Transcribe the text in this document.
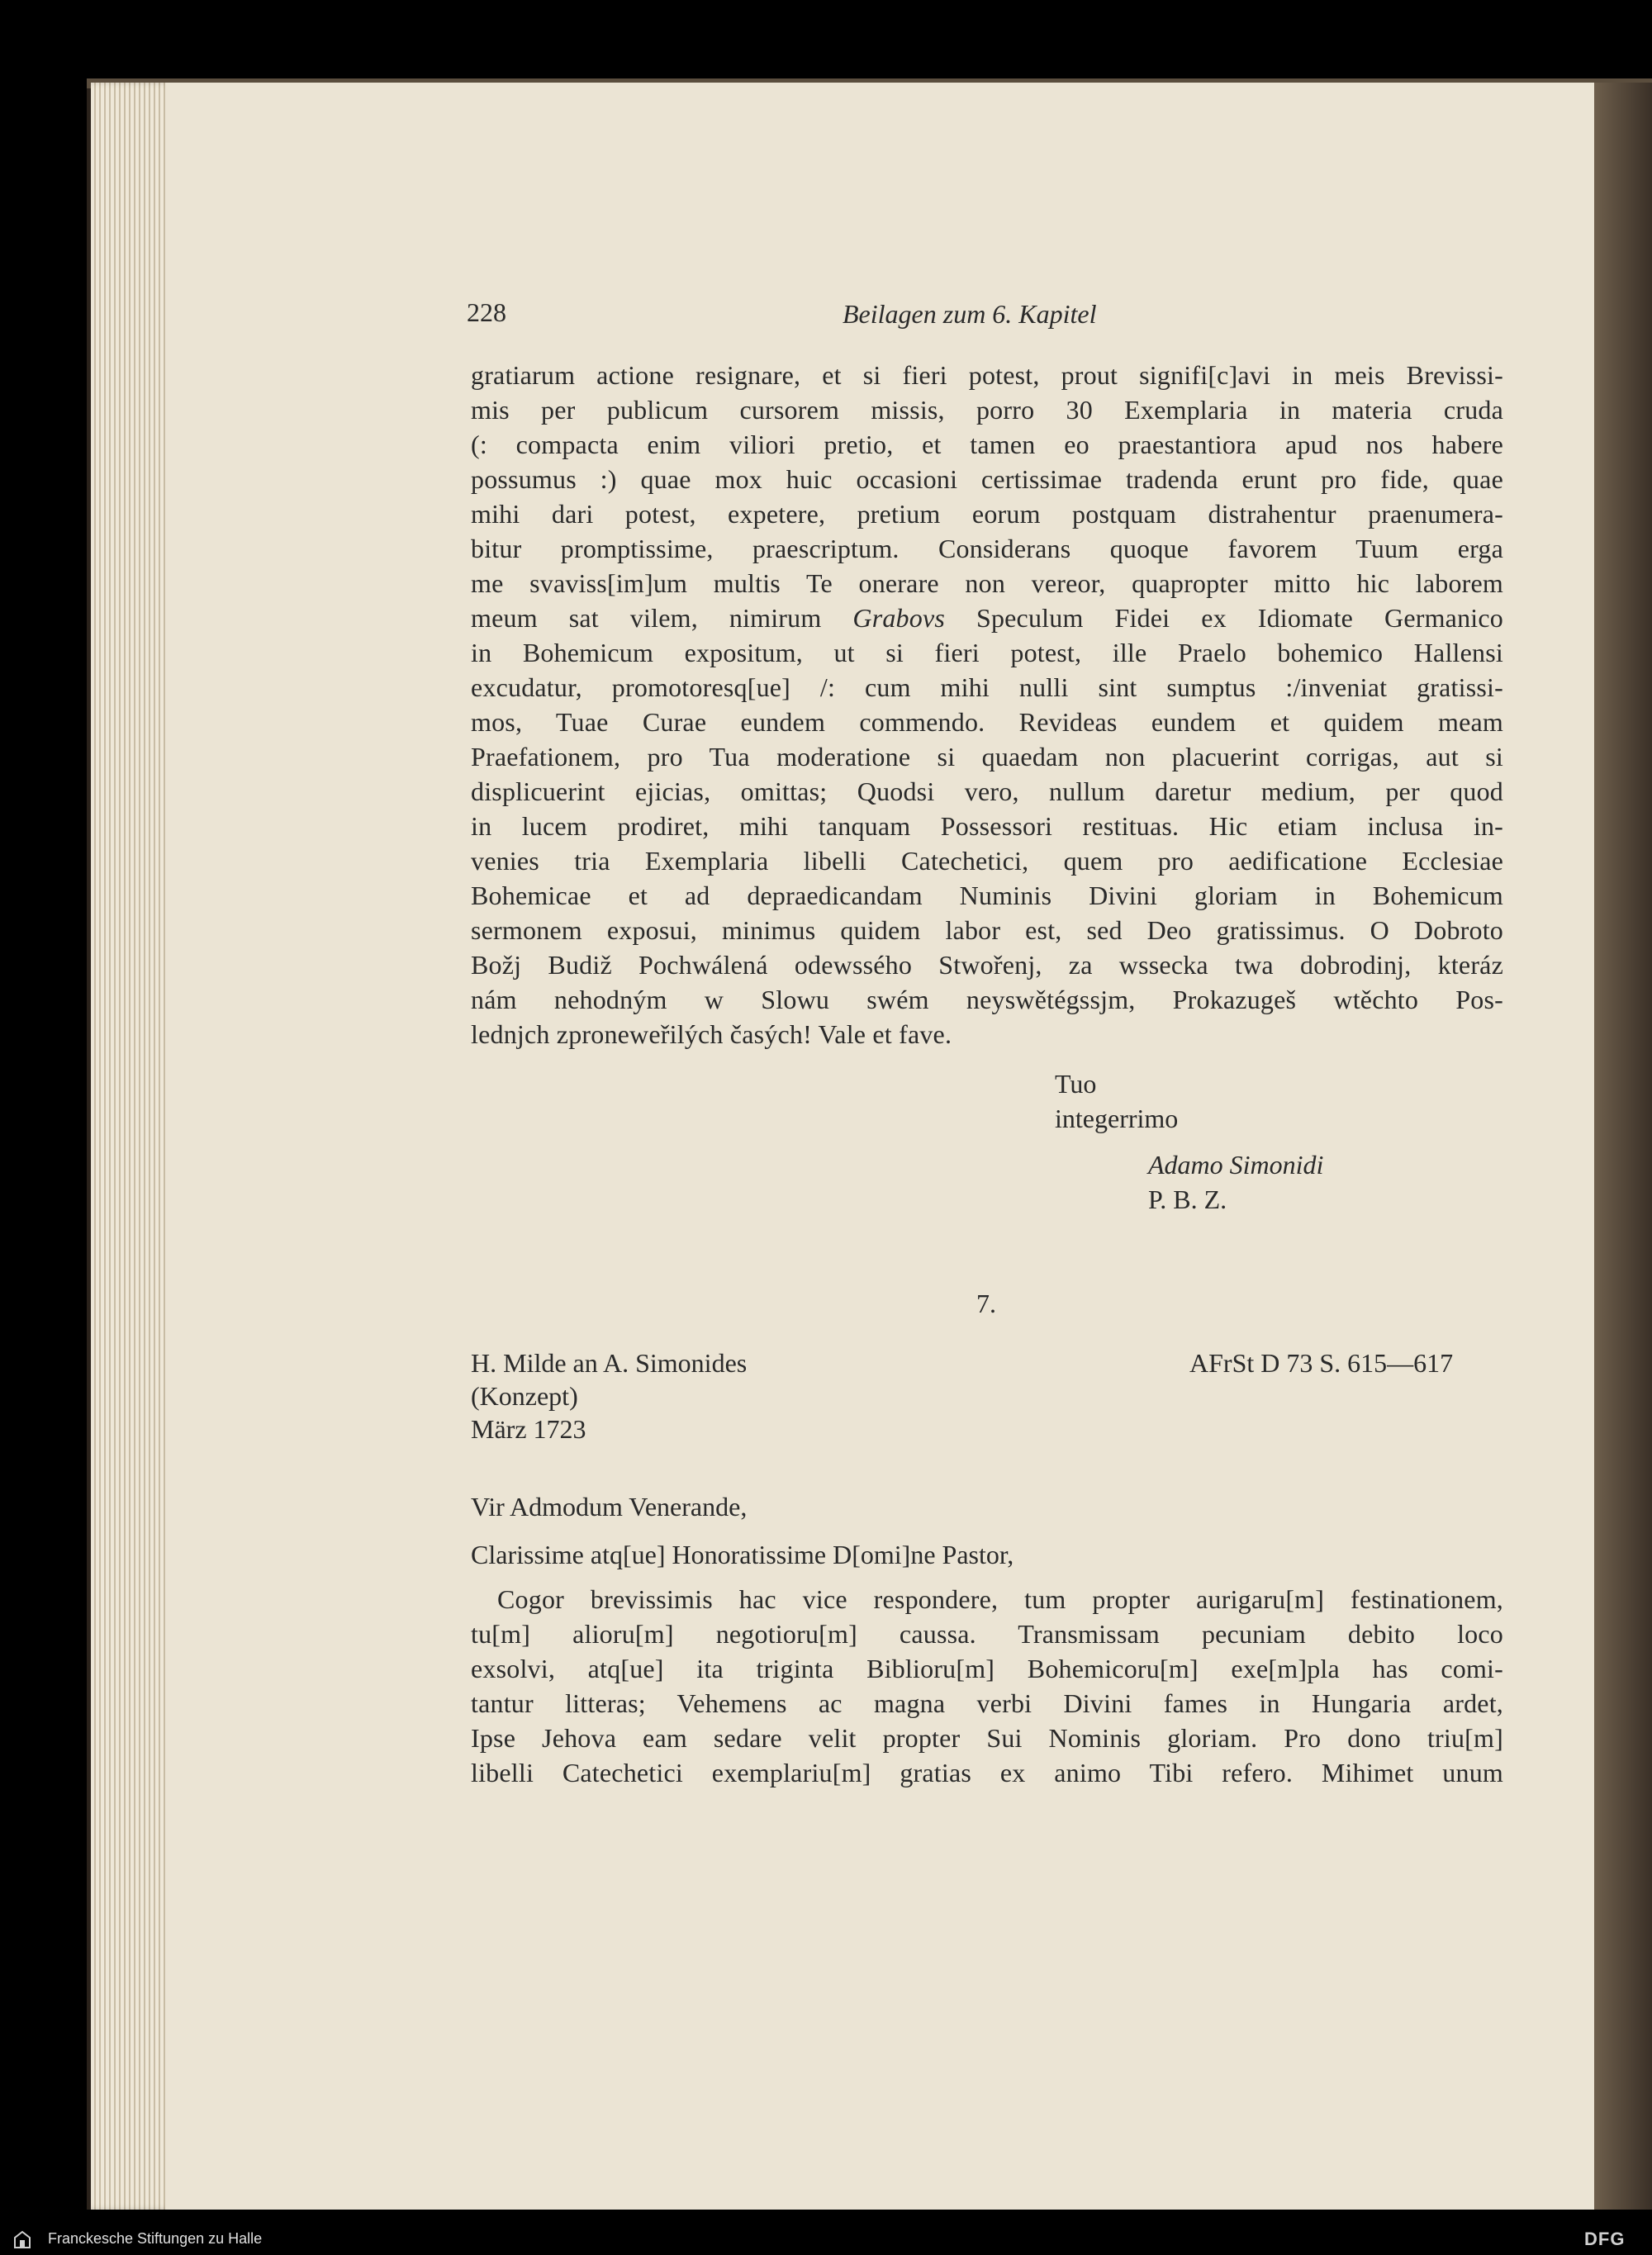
228	Beilagen zum 6. Kapitel
gratiarum actione resignare, et si fieri potest, prout signifi[c]avi in meis Brevissi-
mis per publicum cursorem missis, porro 30 Exemplaria in materia cruda
(: compacta enim viliori pretio, et tamen eo praestantiora apud nos habere
possumus :) quae mox huic occasioni certissimae tradenda erunt pro fide, quae
mihi dari potest, expetere, pretium eorum postquam distrahentur praenumera-
bitur promptissime, praescriptum. Considerans quoque favorem Tuum erga
me svaviss[im]um multis Te onerare non vereor, quapropter mitto hic laborem
meum sat vilem, nimirum Grabovs Speculum Fidei ex Idiomate Germanico
in Bohemicum expositum, ut si fieri potest, ille Praelo bohemico Hallensi
excudatur, promotoresq[ue] /: cum mihi nulli sint sumptus :/inveniat gratissi-
mos, Tuae Curae eundem commendo. Revideas eundem et quidem meam
Praefationem, pro Tua moderatione si quaedam non placuerint corrigas, aut si
displicuerint ejicias, omittas; Quodsi vero, nullum daretur medium, per quod
in lucem prodiret, mihi tanquam Possessori restituas. Hic etiam inclusa in-
venies tria Exemplaria libelli Catechetici, quem pro aedificatione Ecclesiae
Bohemicae et ad depraedicandam Numinis Divini gloriam in Bohemicum
sermonem exposui, minimus quidem labor est, sed Deo gratissimus. O Dobroto
Božj Budiž Pochwálená odewssého Stwořenj, za wssecka twa dobrodinj, kteráz
nám nehodným w Slowu swém neyswětégssjm, Prokazugeš wtěchto Pos-
lednjch zproneweřilých časých! Vale et fave.
Tuo
integerrimo
Adamo Simonidi
P. B. Z.
7.
H. Milde an A. Simonides	AFrSt D 73 S. 615—617
(Konzept)
März 1723
Vir Admodum Venerande,
Clarissime atq[ue] Honoratissime D[omi]ne Pastor,
Cogor brevissimis hac vice respondere, tum propter aurigaru[m] festinationem,
tu[m] alioru[m] negotioru[m] caussa. Transmissam pecuniam debito loco
exsolvi, atq[ue] ita triginta Biblioru[m] Bohemicoru[m] exe[m]pla has comi-
tantur litteras; Vehemens ac magna verbi Divini fames in Hungaria ardet,
Ipse Jehova eam sedare velit propter Sui Nominis gloriam. Pro dono triu[m]
libelli Catechetici exemplariu[m] gratias ex animo Tibi refero. Mihimet unum
Franckesche Stiftungen zu Halle	DFG
